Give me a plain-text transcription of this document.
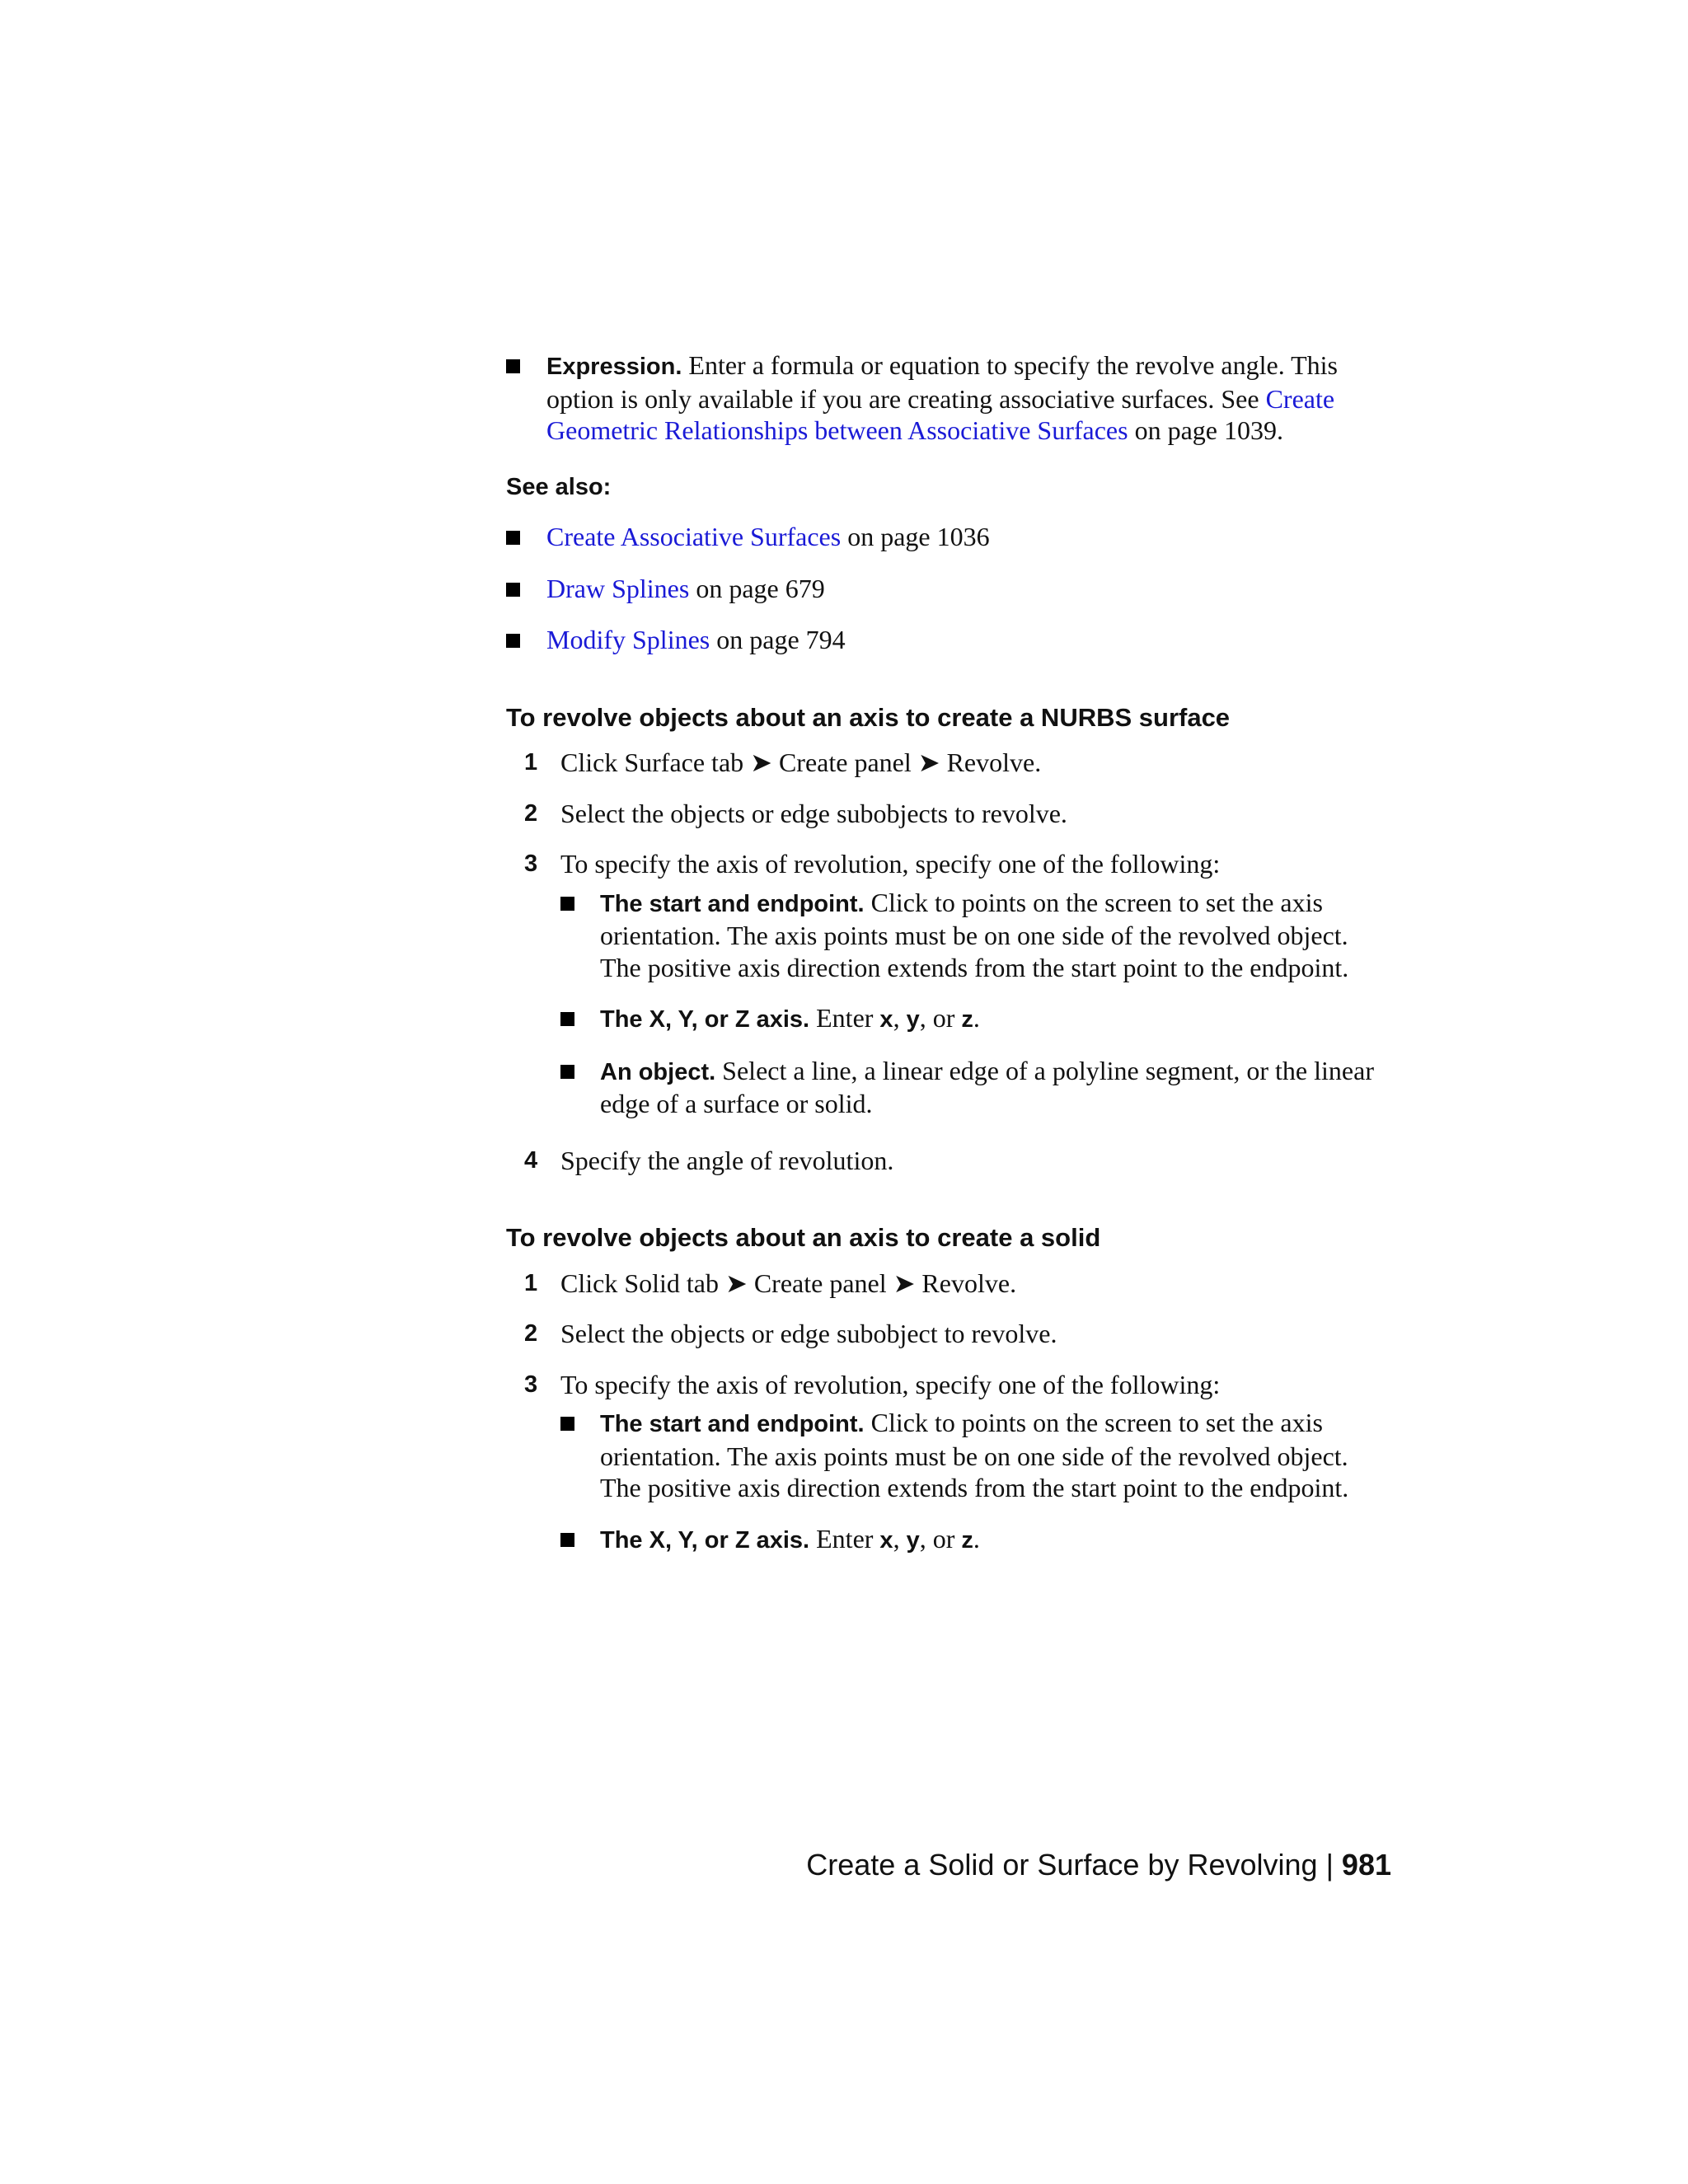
Expression. Enter a formula or equation to specify the revolve angle. This option is only available if you are creating associative surfaces. See Create Geometric Relationships between Associative Surfaces on page 1039.
See also:
Create Associative Surfaces on page 1036
Draw Splines on page 679
Modify Splines on page 794
To revolve objects about an axis to create a NURBS surface
1 Click Surface tab ➤ Create panel ➤ Revolve.
2 Select the objects or edge subobjects to revolve.
3 To specify the axis of revolution, specify one of the following:
The start and endpoint. Click to points on the screen to set the axis orientation. The axis points must be on one side of the revolved object. The positive axis direction extends from the start point to the endpoint.
The X, Y, or Z axis. Enter x, y, or z.
An object. Select a line, a linear edge of a polyline segment, or the linear edge of a surface or solid.
4 Specify the angle of revolution.
To revolve objects about an axis to create a solid
1 Click Solid tab ➤ Create panel ➤ Revolve.
2 Select the objects or edge subobject to revolve.
3 To specify the axis of revolution, specify one of the following:
The start and endpoint. Click to points on the screen to set the axis orientation. The axis points must be on one side of the revolved object. The positive axis direction extends from the start point to the endpoint.
The X, Y, or Z axis. Enter x, y, or z.
Create a Solid or Surface by Revolving | 981
